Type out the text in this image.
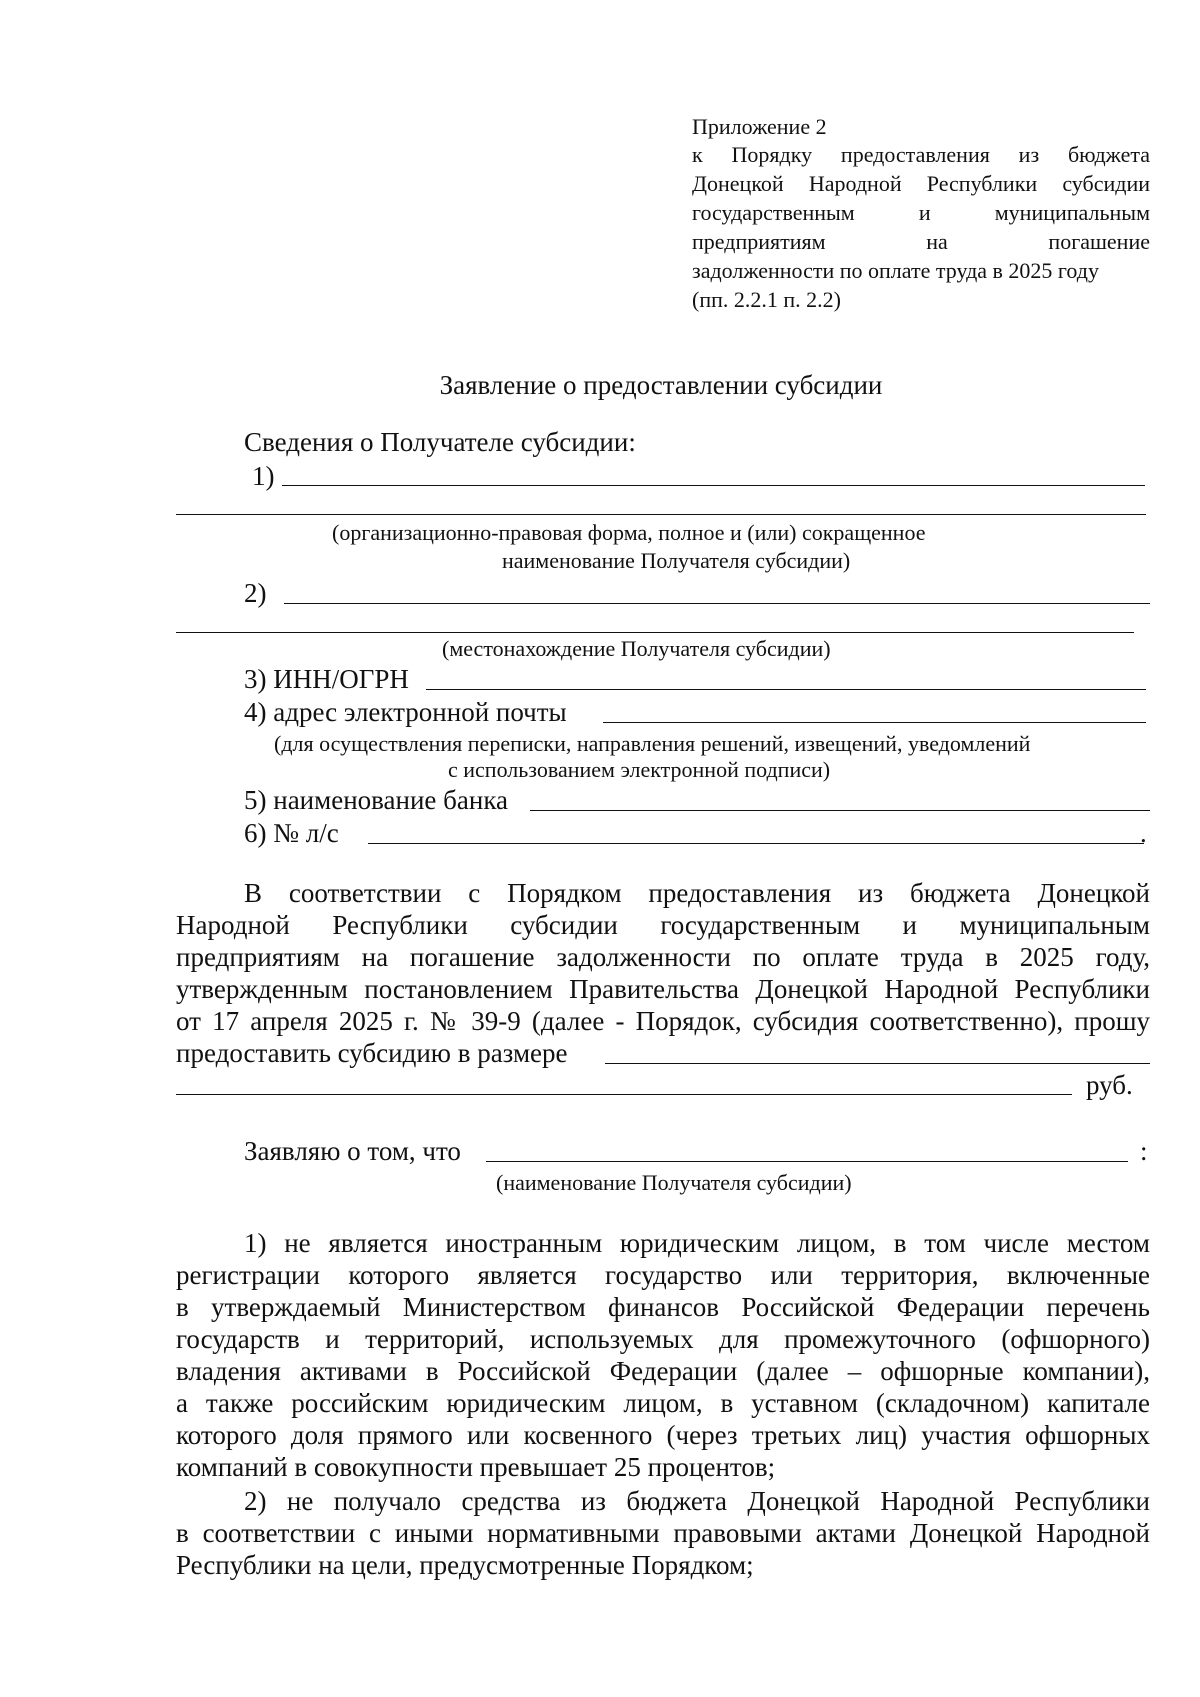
Приложение 2
к Порядку предоставления из бюджета
Донецкой Народной Республики субсидии
государственным и муниципальным
предприятиям на погашение
задолженности по оплате труда в 2025 году
(пп. 2.2.1 п. 2.2)
Заявление о предоставлении субсидии
Сведения о Получателе субсидии:
1)
(организационно-правовая форма, полное и (или) сокращенное
наименование Получателя субсидии)
2)
(местонахождение Получателя субсидии)
3) ИНН/ОГРН
4) адрес электронной почты
(для осуществления переписки, направления решений, извещений, уведомлений
с использованием электронной подписи)
5) наименование банка
6) № л/с	.
В соответствии с Порядком предоставления из бюджета Донецкой
Народной Республики субсидии государственным и муниципальным
предприятиям на погашение задолженности по оплате труда в 2025 году,
утвержденным постановлением Правительства Донецкой Народной Республики
от 17 апреля 2025 г. № 39-9 (далее - Порядок, субсидия соответственно), прошу
предоставить субсидию в размере
руб.
Заявляю о том, что	:
(наименование Получателя субсидии)
1) не является иностранным юридическим лицом, в том числе местом
регистрации которого является государство или территория, включенные
в утверждаемый Министерством финансов Российской Федерации перечень
государств и территорий, используемых для промежуточного (офшорного)
владения активами в Российской Федерации (далее – офшорные компании),
а также российским юридическим лицом, в уставном (складочном) капитале
которого доля прямого или косвенного (через третьих лиц) участия офшорных
компаний в совокупности превышает 25 процентов;
2) не получало средства из бюджета Донецкой Народной Республики
в соответствии с иными нормативными правовыми актами Донецкой Народной
Республики на цели, предусмотренные Порядком;
